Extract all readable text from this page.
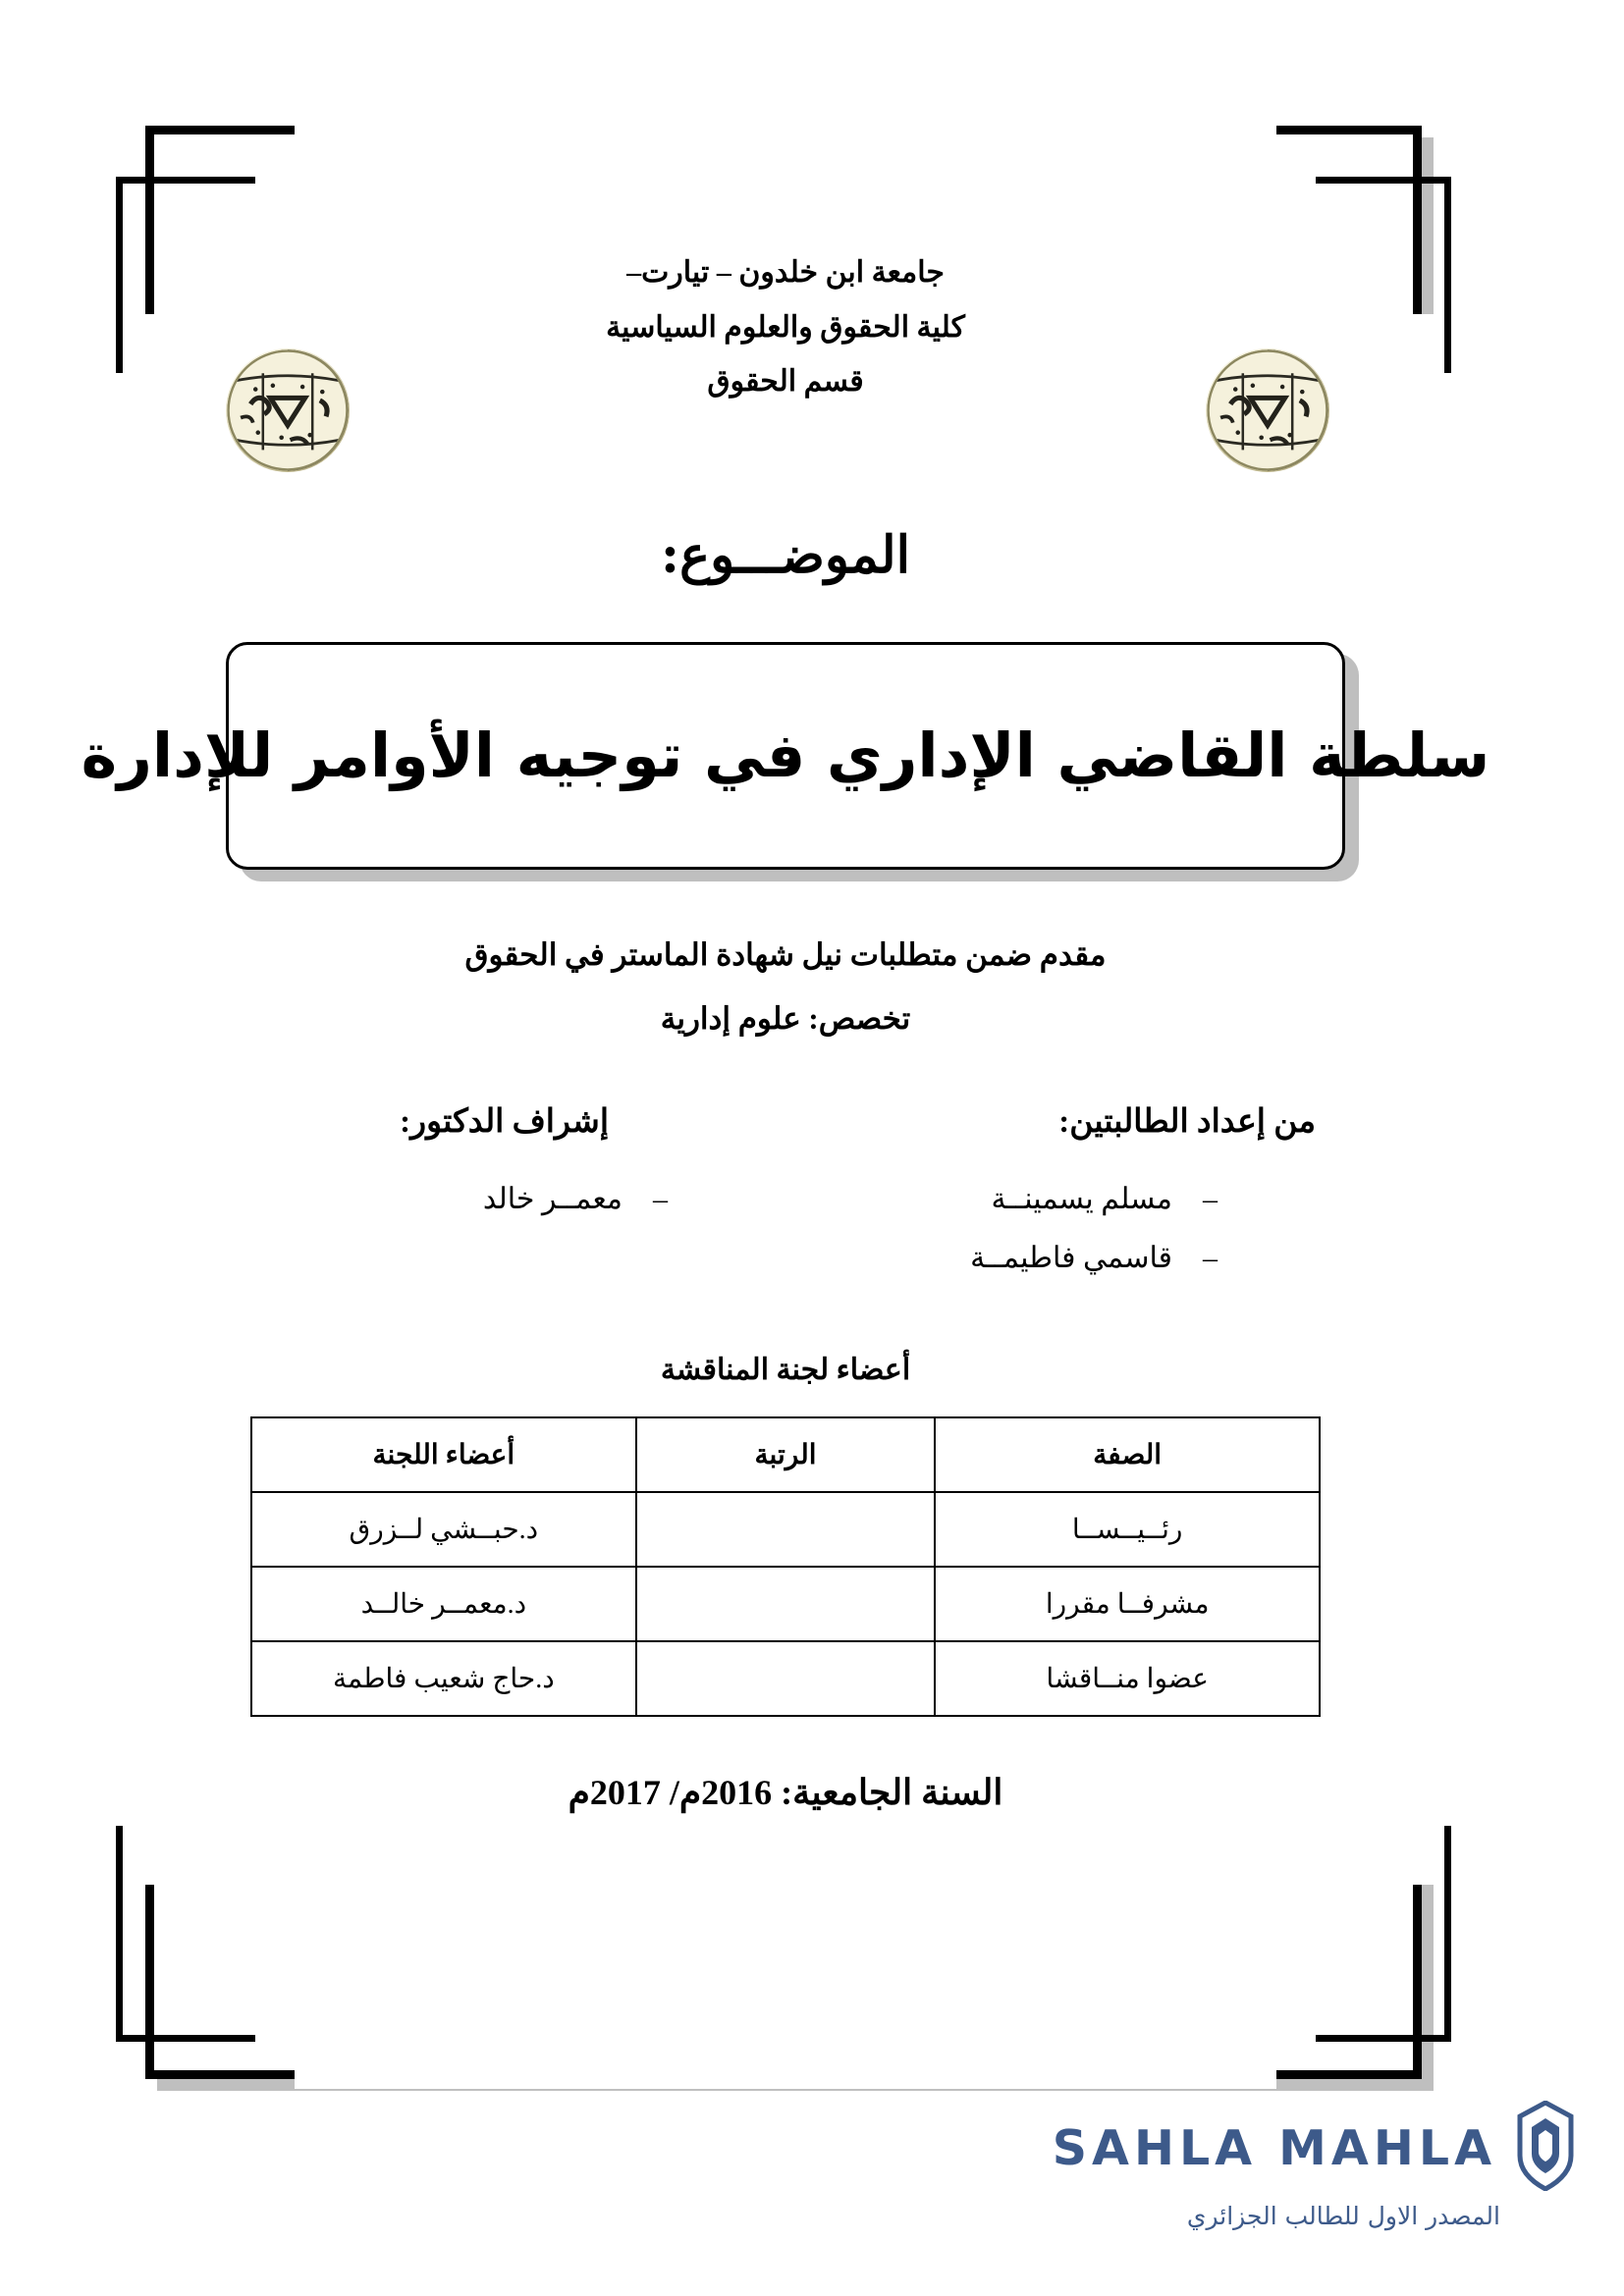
جامعة ابن خلدون – تيارت–
كلية الحقوق والعلوم السياسية
قسم الحقوق
الموضـــوع:
سلطة القاضي الإداري في توجيه الأوامر للإدارة
مقدم ضمن متطلبات نيل شهادة الماستر في الحقوق
تخصص: علوم إدارية
من إعداد الطالبتين:
–مسلم يسمينــة
–قاسمي فاطيمــة
إشراف الدكتور:
–معمــر خالد
أعضاء لجنة المناقشة
الصفة	الرتبة	أعضاء اللجنة
رئــيــســا		د.حبــشي لــزرق
مشرفــا مقررا		د.معمــر خالــد
عضوا منــاقشا		د.حاج شعيب فاطمة
السنة الجامعية: 2016م/ 2017م
SAHLA MAHLA
المصدر الاول للطالب الجزائري
